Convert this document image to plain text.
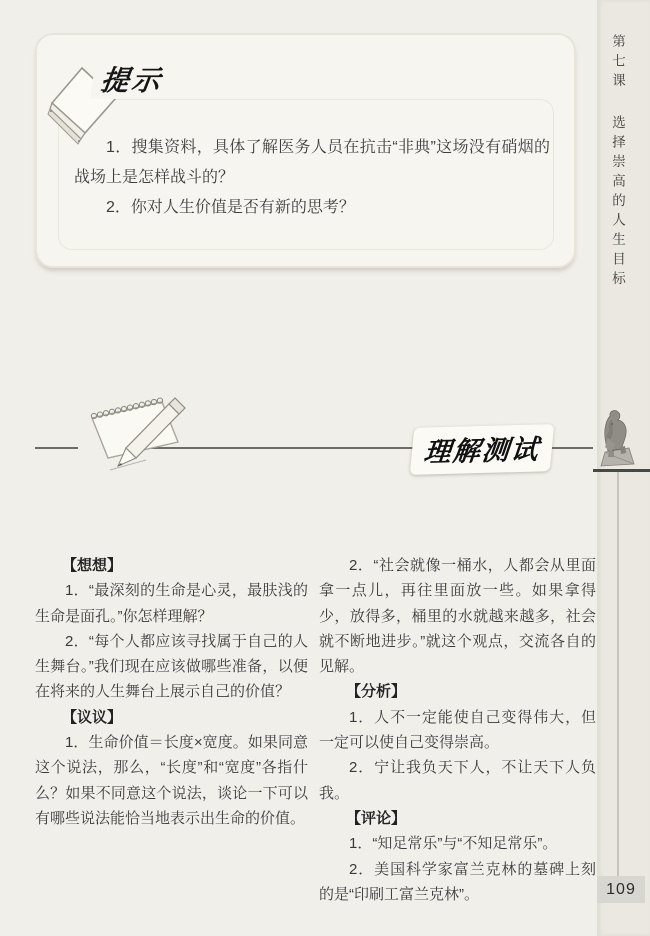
第七课选择崇高的人生目标
提示

1．搜集资料，具体了解医务人员在抗击“非典”这场没有硝烟的战场上是怎样战斗的？

2．你对人生价值是否有新的思考？

理解测试
【想想】

1．“最深刻的生命是心灵，最肤浅的生命是面孔。”你怎样理解？

2．“每个人都应该寻找属于自己的人生舞台。”我们现在应该做哪些准备，以便在将来的人生舞台上展示自己的价值？

【议议】

1．生命价值＝长度×宽度。如果同意这个说法，那么，“长度”和“宽度”各指什么？如果不同意这个说法，谈论一下可以有哪些说法能恰当地表示出生命的价值。

2．“社会就像一桶水，人都会从里面拿一点儿，再往里面放一些。如果拿得少，放得多，桶里的水就越来越多，社会就不断地进步。”就这个观点，交流各自的见解。

【分析】

1．人不一定能使自己变得伟大，但一定可以使自己变得崇高。

2．宁让我负天下人，不让天下人负我。

【评论】

1．“知足常乐”与“不知足常乐”。

2．美国科学家富兰克林的墓碑上刻的是“印刷工富兰克林”。	109
